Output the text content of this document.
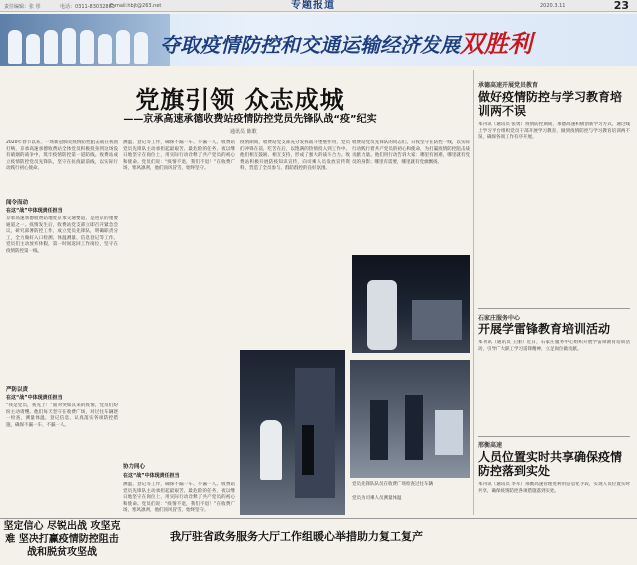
责任编辑：张 彤	电话：0311-83032863
E-mail:hbjt@263.net	2020.3.11
专题报道	23
夺取疫情防控和交通运输经济发展双胜利
党旗引领 众志成城
——京承高速承德收费站疫情防控党员先锋队战“疫”纪实
通讯员 陈歌
2020年春节以来，一场新冠肺炎疫情防控阻击战在我国打响，京承高速承德收费站全体党员积极投身到这场没有硝烟的战争中，筑牢疫情防控第一道防线。收费站成立疫情防控党员先锋队，坚守在抗疫最前线，以实际行动践行初心使命。
闻令而动
在这“战”中体现责任担当
京承高速承德收费站地处京承交通要道，是进京的重要通道之一。疫情发生后，收费站党支部立即召开紧急会议，研究部署防控工作，成立党员先锋队，明确职责分工，全力做好入口检测、体温测量、信息登记等工作。党员们主动放弃休假，第一时间返回工作岗位，坚守在疫情防控第一线。
严防以责
在这“战”中体现责任担当
“我是党员，我先上！”面对突如其来的疫情，党员们纷纷主动请缨。他们每天坚守在收费广场，对过往车辆逐一检查，测量体温，登记信息，认真落实各项防控措施，确保不漏一车、不漏一人。
测温、登记等工作，确保不漏一车、不漏一人。收费站党员先锋队主动承担起最艰苦、最危险的任务，夜以继日地坚守在岗位上，用实际行动诠释了共产党员的初心和使命。党员们说：“疫情不退，我们不退！”在收费广场，寒风凛冽，他们顶风冒雪，始终坚守。
协力同心
在这“战”中体现责任担当
测温、登记等工作，确保不漏一车、不漏一人。收费站党员先锋队主动承担起最艰苦、最危险的任务，夜以继日地坚守在岗位上，用实际行动诠释了共产党员的初心和使命。党员们说：“疫情不退，我们不退！”在收费广场，寒风凛冽，他们顶风冒雪，始终坚守。
疫情期间，收费站党支部充分发挥战斗堡垒作用，党员们冲锋在前，吃苦在后，以饱满的热情投入到工作中。他们相互鼓励、相互支持，形成了强大的战斗合力。收费站积极开展防疫知识宣传，向司乘人员发放宣传资料，营造了全员参与、群防群控的良好氛围。
收费站党员先锋队的同志们，日夜坚守在防控一线，以实际行动践行着共产党员的初心和使命，为打赢疫情防控阻击战贡献力量。他们用行动告诉大家：哪里有困难，哪里就有党员的身影；哪里有需要，哪里就有党旗飘扬。
党员先锋队队员在收费广场检查过往车辆
党员为司乘人员测量体温
承德高速开展党员教育
做好疫情防控与学习教育培训两不误
本刊讯（通讯员 张勇）疫情防控期间，承德高速积极创新学习方式，通过线上学习平台组织党员干部开展学习教育，做到疫情防控与学习教育培训两不误，确保各项工作有序开展。
石家庄服务中心
开展学雷锋教育培训活动
本刊讯（通讯员 王丽）近日，石家庄服务中心组织开展学雷锋教育培训活动，引导广大职工学习雷锋精神，立足岗位做贡献。
邢衡高速
人员位置实时共享确保疫情防控落到实处
本刊讯（通讯员 李军）邢衡高速管理处利用信息化手段，实现人员位置实时共享，确保疫情防控各项措施落到实处。
坚定信心 尽锐出战 攻坚克难 坚决打赢疫情防控阻击战和脱贫攻坚战
我厅驻省政务服务大厅工作组暖心举措助力复工复产
